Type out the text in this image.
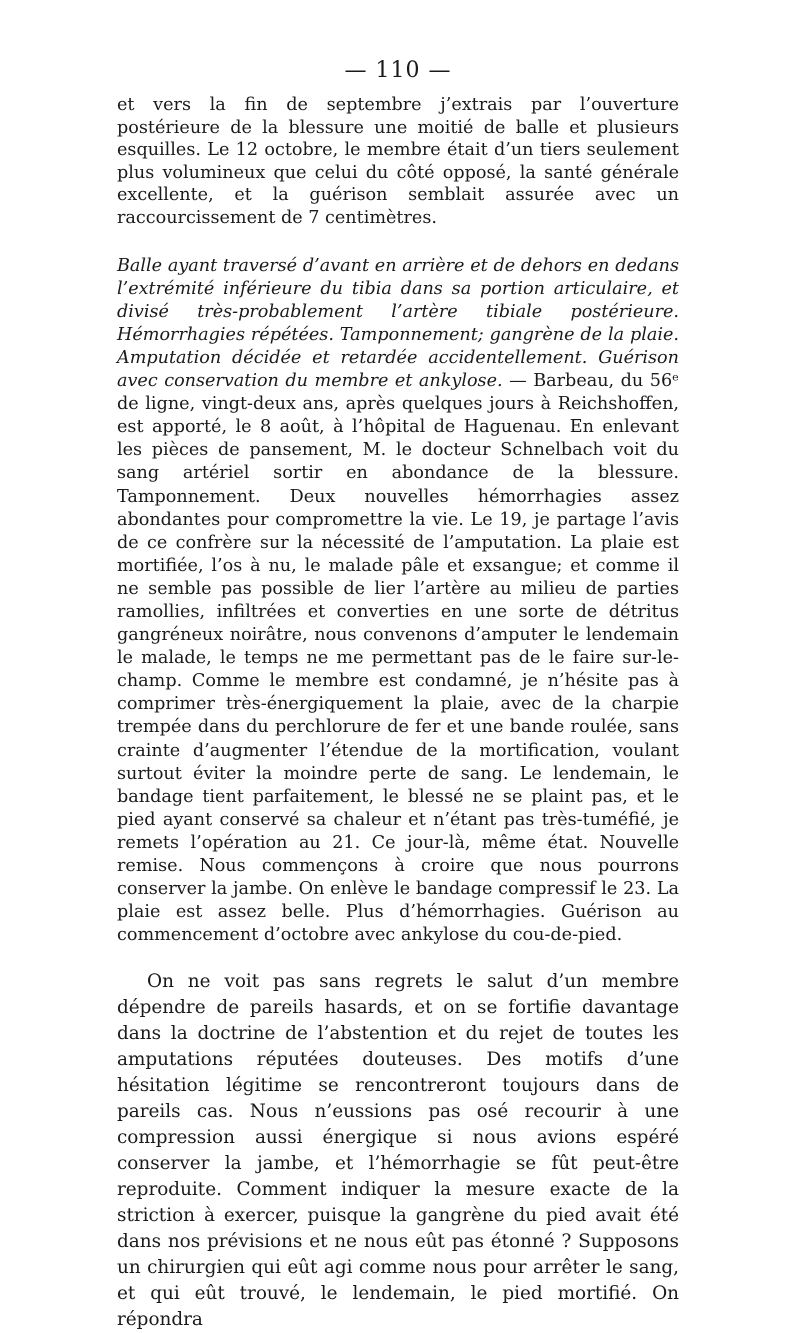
— 110 —

et vers la fin de septembre j’extrais par l’ouverture postérieure de la blessure une moitié de balle et plusieurs esquilles. Le 12 octobre, le membre était d’un tiers seulement plus volumineux que celui du côté opposé, la santé générale excellente, et la guérison semblait assurée avec un raccourcissement de 7 centimètres.

Balle ayant traversé d’avant en arrière et de dehors en dedans l’extrémité inférieure du tibia dans sa portion articulaire, et divisé très-probablement l’artère tibiale postérieure. Hémorrhagies répétées. Tamponnement; gangrène de la plaie. Amputation décidée et retardée accidentellement. Guérison avec conservation du membre et ankylose. — Barbeau, du 56ᵉ de ligne, vingt-deux ans, après quelques jours à Reichshoffen, est apporté, le 8 août, à l’hôpital de Haguenau. En enlevant les pièces de pansement, M. le docteur Schnelbach voit du sang artériel sortir en abondance de la blessure. Tamponnement. Deux nouvelles hémorrhagies assez abondantes pour compromettre la vie. Le 19, je partage l’avis de ce confrère sur la nécessité de l’amputation. La plaie est mortifiée, l’os à nu, le malade pâle et exsangue; et comme il ne semble pas possible de lier l’artère au milieu de parties ramollies, infiltrées et converties en une sorte de détritus gangréneux noirâtre, nous convenons d’amputer le lendemain le malade, le temps ne me permettant pas de le faire sur-le-champ. Comme le membre est condamné, je n’hésite pas à comprimer très-énergiquement la plaie, avec de la charpie trempée dans du perchlorure de fer et une bande roulée, sans crainte d’augmenter l’étendue de la mortification, voulant surtout éviter la moindre perte de sang. Le lendemain, le bandage tient parfaitement, le blessé ne se plaint pas, et le pied ayant conservé sa chaleur et n’étant pas très-tuméfié, je remets l’opération au 21. Ce jour-là, même état. Nouvelle remise. Nous commençons à croire que nous pourrons conserver la jambe. On enlève le bandage compressif le 23. La plaie est assez belle. Plus d’hémorrhagies. Guérison au commencement d’octobre avec ankylose du cou-de-pied.

On ne voit pas sans regrets le salut d’un membre dépendre de pareils hasards, et on se fortifie davantage dans la doctrine de l’abstention et du rejet de toutes les amputations réputées douteuses. Des motifs d’une hésitation légitime se rencontreront toujours dans de pareils cas. Nous n’eussions pas osé recourir à une compression aussi énergique si nous avions espéré conserver la jambe, et l’hémorrhagie se fût peut-être reproduite. Comment indiquer la mesure exacte de la striction à exercer, puisque la gangrène du pied avait été dans nos prévisions et ne nous eût pas étonné ? Supposons un chirurgien qui eût agi comme nous pour arrêter le sang, et qui eût trouvé, le lendemain, le pied mortifié. On répondra
